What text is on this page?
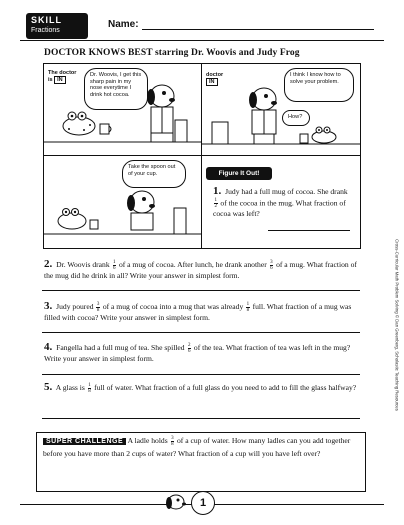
SKILL
Fractions
Name:
DOCTOR KNOWS BEST starring Dr. Woovis and Judy Frog
The doctor
is IN
Dr. Woovis, I get this sharp pain in my nose everytime I drink hot cocoa.
doctor
IN
I think I know how to solve your problem.
How?
Take the spoon out of your cup.	Figure It Out!
1. Judy had a full mug of cocoa. She drank
$\frac{1}{2}$ of the cocoa in the mug. What fraction of cocoa was left?
2. Dr. Woovis drank $\frac{1}{6}$ of a mug of cocoa. After lunch, he drank another $\frac{3}{6}$ of a mug. What fraction of the mug did he drink in all? Write your answer in simplest form.
3. Judy poured $\frac{3}{8}$ of a mug of cocoa into a mug that was already $\frac{1}{8}$ full. What fraction of a mug was filled with cocoa? Write your answer in simplest form.
4. Fangella had a full mug of tea. She spilled $\frac{2}{6}$ of the tea. What fraction of tea was left in the mug? Write your answer in simplest form.
5. A glass is $\frac{1}{8}$ full of water. What fraction of a full glass do you need to add to fill the glass halfway?
SUPER CHALLENGE A ladle holds $\frac{3}{8}$ of a cup of water. How many ladles can you add together before you have more than 2 cups of water? What fraction of a cup will you have left over?
1
Cross-Curricular Math Problem Solving © Dan Greenberg, Scholastic Teaching Resources
